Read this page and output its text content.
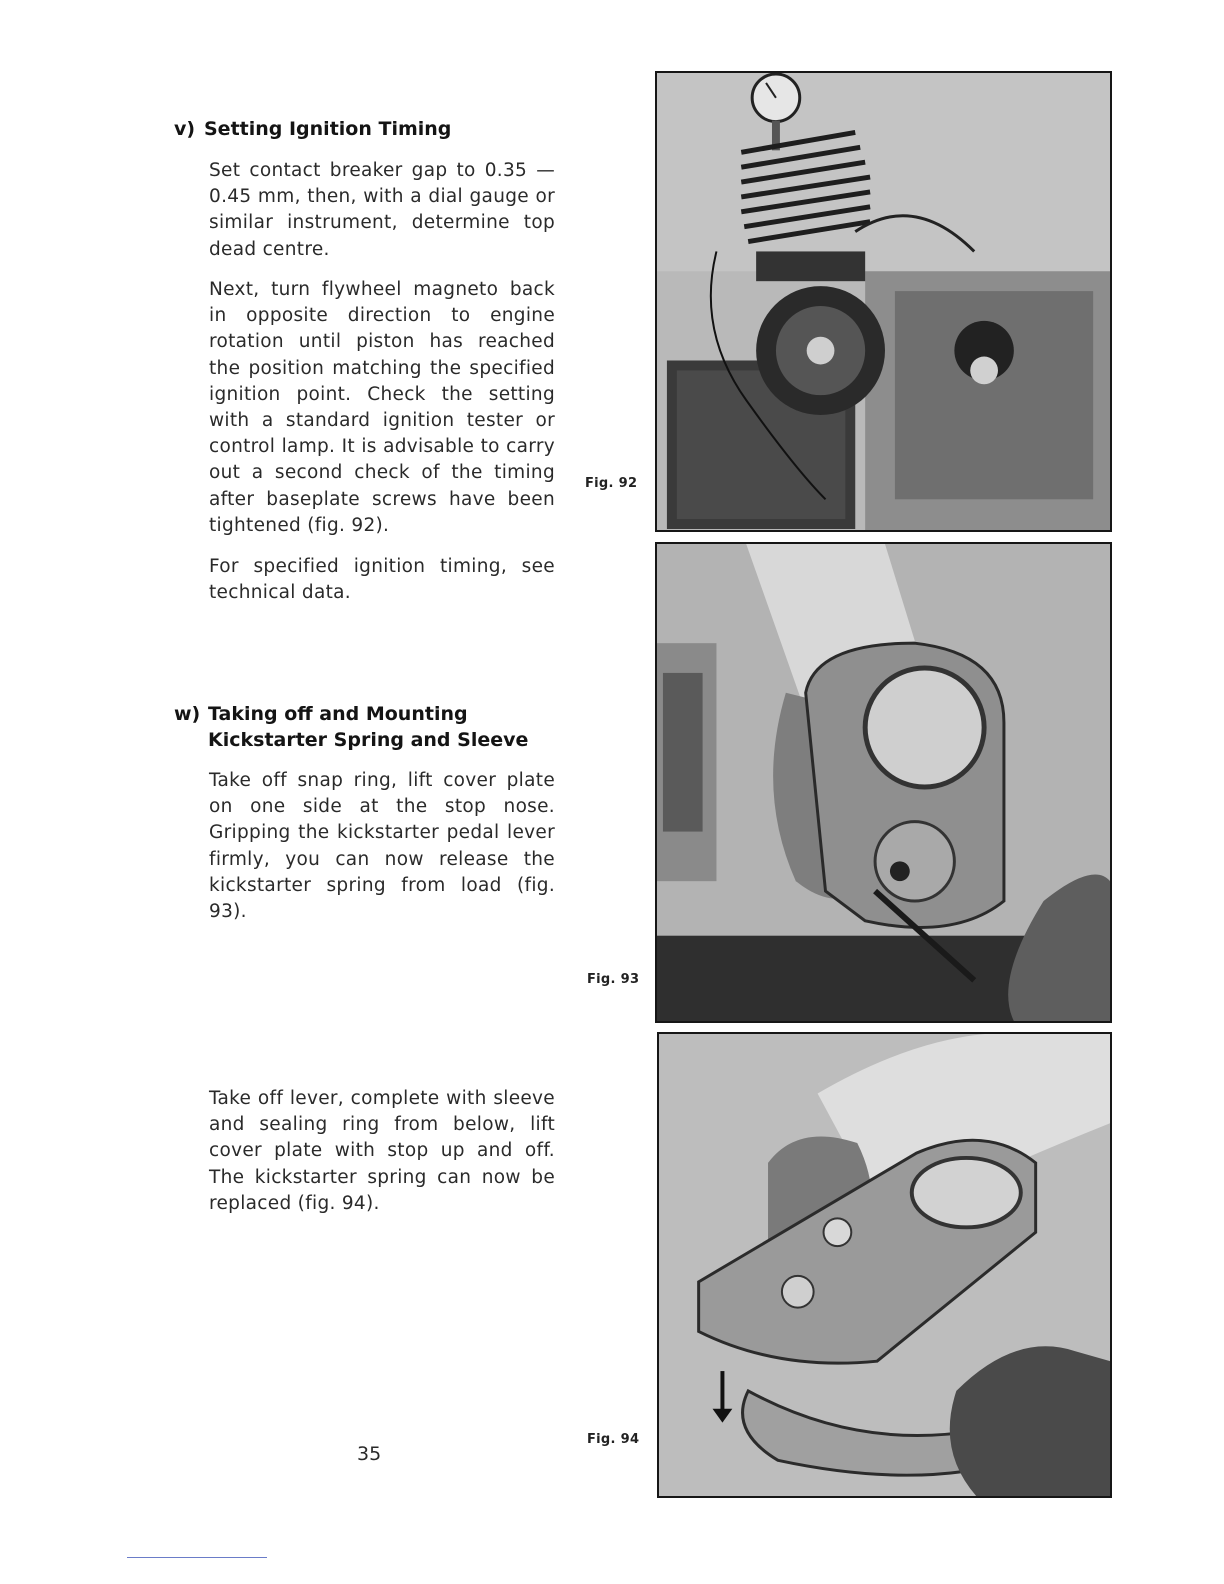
v) Setting Ignition Timing

Set contact breaker gap to 0.35 — 0.45 mm, then, with a dial gauge or similar instrument, determine top dead centre.

Next, turn flywheel magneto back in opposite direction to engine rotation until piston has reached the position matching the specified ignition point. Check the setting with a standard ignition tester or control lamp. It is advisable to carry out a second check of the timing after baseplate screws have been tightened (fig. 92).

For specified ignition timing, see technical data.

w) Taking off and Mounting Kickstarter Spring and Sleeve

Take off snap ring, lift cover plate on one side at the stop nose. Gripping the kickstarter pedal lever firmly, you can now release the kickstarter spring from load (fig. 93).

Take off lever, complete with sleeve and sealing ring from below, lift cover plate with stop up and off. The kickstarter spring can now be replaced (fig. 94).

Fig. 92
Fig. 93
Fig. 94
35
